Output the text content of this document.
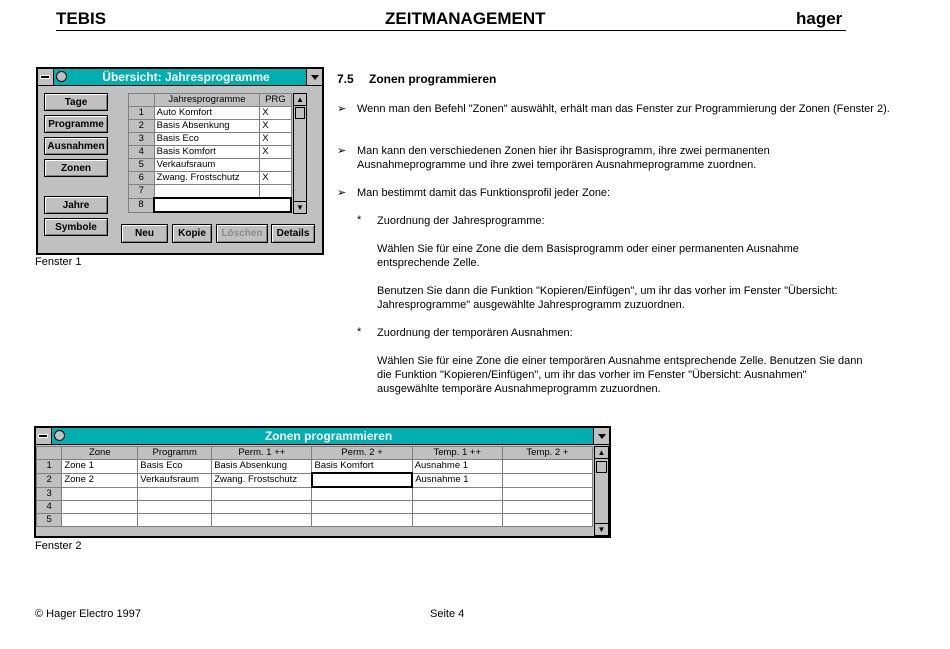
TEBIS	ZEITMANAGEMENT	hager
Übersicht: Jahresprogramme
Tage
Programme
Ausnahmen
Zonen
Jahre
Symbole
	Jahresprogramme	PRG
1	Auto Komfort	X
2	Basis Absenkung	X
3	Basis Eco	X
4	Basis Komfort	X
5	Verkaufsraum	
6	Zwang. Frostschutz	X
7		
8		
▲
▼
Neu	Kopie	Löschen	Details
Fenster 1
7.5 Zonen programmieren
➢ Wenn man den Befehl "Zonen" auswählt, erhält man das Fenster zur Programmierung der Zonen (Fenster 2).
➢ Man kann den verschiedenen Zonen hier ihr Basisprogramm, ihre zwei permanenten Ausnahmeprogramme und ihre zwei temporären Ausnahmeprogramme zuordnen.
➢ Man bestimmt damit das Funktionsprofil jeder Zone:
* Zuordnung der Jahresprogramme:
Wählen Sie für eine Zone die dem Basisprogramm oder einer permanenten Ausnahme entsprechende Zelle.
Benutzen Sie dann die Funktion "Kopieren/Einfügen", um ihr das vorher im Fenster "Übersicht: Jahresprogramme" ausgewählte Jahresprogramm zuzuordnen.
* Zuordnung der temporären Ausnahmen:
Wählen Sie für eine Zone die einer temporären Ausnahme entsprechende Zelle. Benutzen Sie dann die Funktion "Kopieren/Einfügen", um ihr das vorher im Fenster "Übersicht: Ausnahmen" ausgewählte temporäre Ausnahmeprogramm zuzuordnen.
Zonen programmieren
	Zone	Programm	Perm. 1 ++	Perm. 2 +	Temp. 1 ++	Temp. 2 +
1	Zone 1	Basis Eco	Basis Absenkung	Basis Komfort	Ausnahme 1	
2	Zone 2	Verkaufsraum	Zwang. Frostschutz		Ausnahme 1	
3						
4						
5						
▲
▼
Fenster 2
© Hager Electro 1997	Seite 4
